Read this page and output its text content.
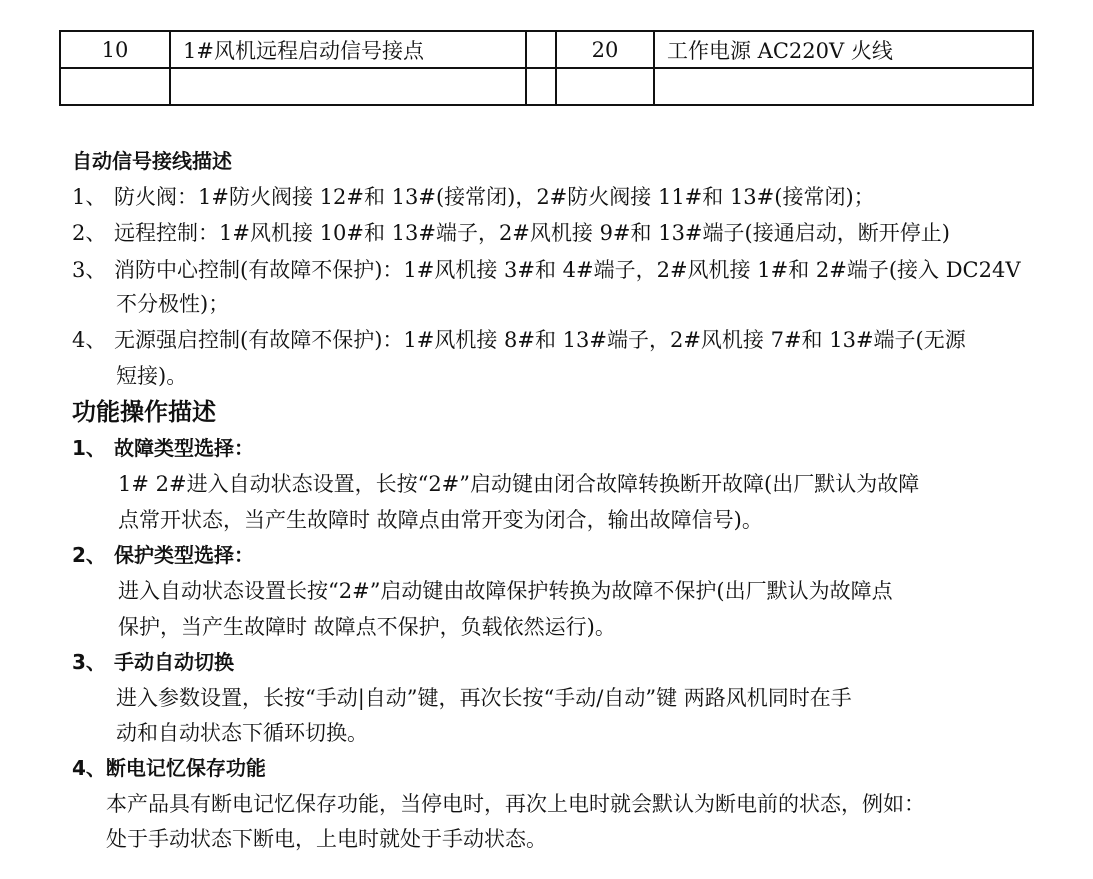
10	1#风机远程启动信号接点		20	工作电源 AC220V 火线

自动信号接线描述
1、 防火阀：1#防火阀接 12#和 13#(接常闭)，2#防火阀接 11#和 13#(接常闭)；
2、 远程控制：1#风机接 10#和 13#端子，2#风机接 9#和 13#端子(接通启动，断开停止)
3、 消防中心控制(有故障不保护)：1#风机接 3#和 4#端子，2#风机接 1#和 2#端子(接入 DC24V
不分极性)；
4、 无源强启控制(有故障不保护)：1#风机接 8#和 13#端子，2#风机接 7#和 13#端子(无源
短接)。
功能操作描述
1、 故障类型选择：
1# 2#进入自动状态设置，长按“2#”启动键由闭合故障转换断开故障(出厂默认为故障
点常开状态，当产生故障时 故障点由常开变为闭合，输出故障信号)。
2、 保护类型选择：
进入自动状态设置长按“2#”启动键由故障保护转换为故障不保护(出厂默认为故障点
保护，当产生故障时 故障点不保护，负载依然运行)。
3、 手动自动切换
进入参数设置，长按“手动|自动”键，再次长按“手动/自动”键 两路风机同时在手
动和自动状态下循环切换。
4、断电记忆保存功能
本产品具有断电记忆保存功能，当停电时，再次上电时就会默认为断电前的状态，例如：
处于手动状态下断电，上电时就处于手动状态。
